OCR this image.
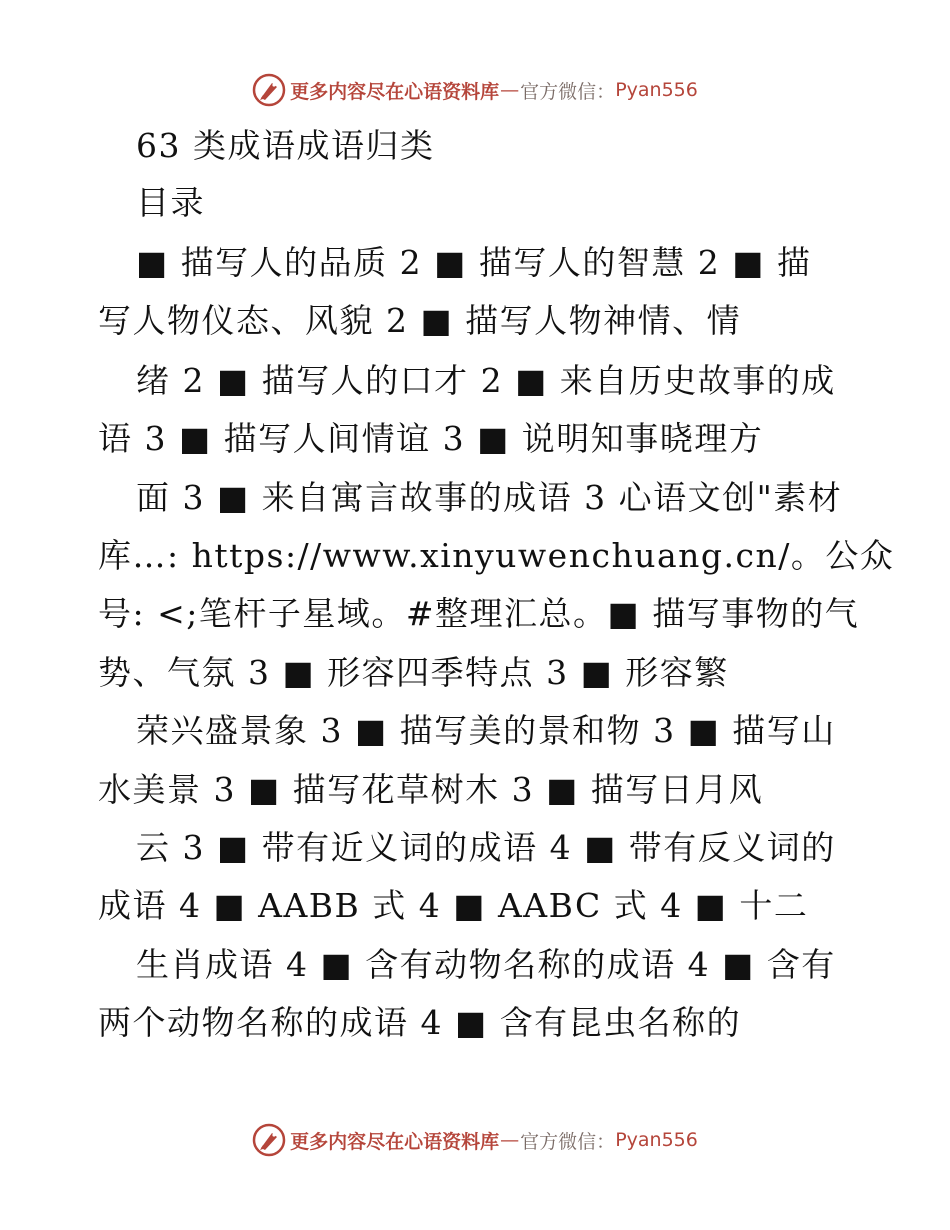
更多内容尽在心语资料库 — 官方微信： Pyan556
63 类成语成语归类
目录
■ 描写人的品质 2 ■ 描写人的智慧 2 ■ 描
写人物仪态、风貌 2 ■ 描写人物神情、情
绪 2 ■ 描写人的口才 2 ■ 来自历史故事的成
语 3 ■ 描写人间情谊 3 ■ 说明知事晓理方
面 3 ■ 来自寓言故事的成语 3 心语文创"素材
库…: https://www.xinyuwenchuang.cn/。公众
号: <;笔杆子星域。#整理汇总。■ 描写事物的气
势、气氛 3 ■ 形容四季特点 3 ■ 形容繁
荣兴盛景象 3 ■ 描写美的景和物 3 ■ 描写山
水美景 3 ■ 描写花草树木 3 ■ 描写日月风
云 3 ■ 带有近义词的成语 4 ■ 带有反义词的
成语 4 ■ AABB 式 4 ■ AABC 式 4 ■ 十二
生肖成语 4 ■ 含有动物名称的成语 4 ■ 含有
两个动物名称的成语 4 ■ 含有昆虫名称的
更多内容尽在心语资料库 — 官方微信： Pyan556
